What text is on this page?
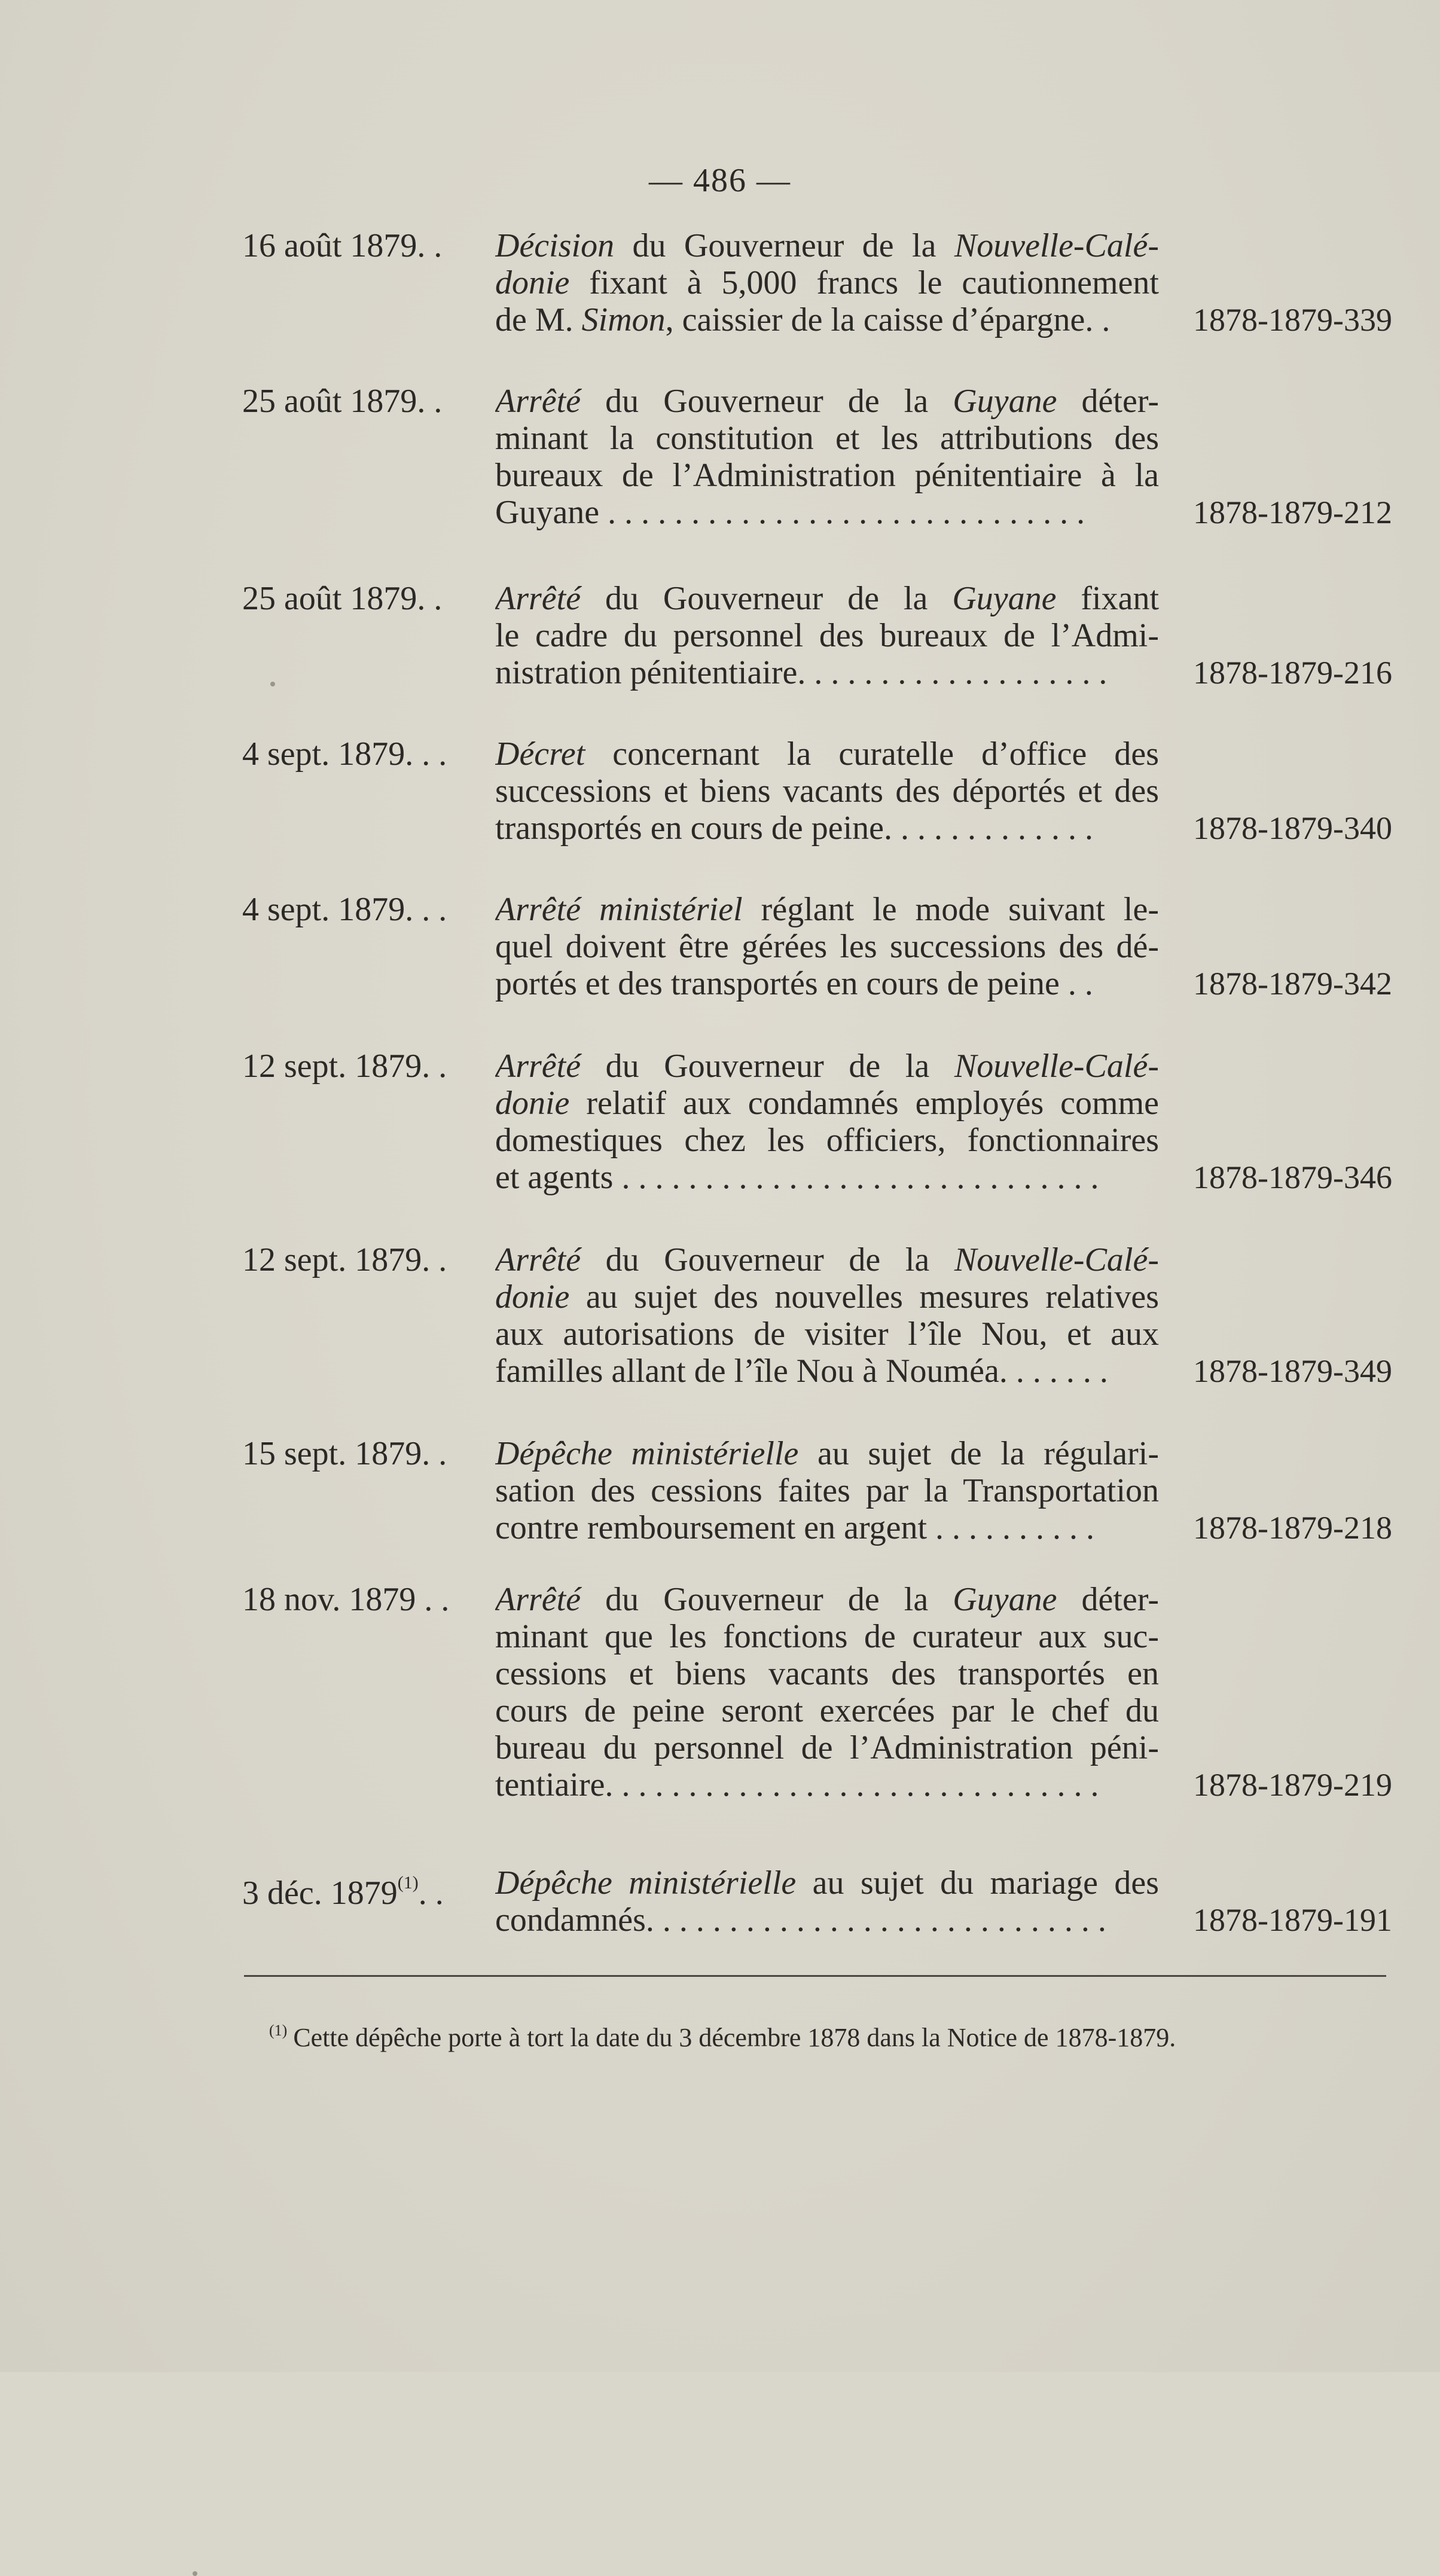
— 486 —
16 août 1879. . Décision du Gouverneur de la Nouvelle-Calé-
donie fixant à 5,000 francs le cautionnement
de M. Simon, caissier de la caisse d’épargne. .	1878-1879-339
25 août 1879. . Arrêté du Gouverneur de la Guyane déter-
minant la constitution et les attributions des
bureaux de l’Administration pénitentiaire à la
Guyane . . . . . . . . . . . . . . . . . . . . . . . . . . . . .	1878-1879-212
25 août 1879. . Arrêté du Gouverneur de la Guyane fixant
le cadre du personnel des bureaux de l’Admi-
nistration pénitentiaire. . . . . . . . . . . . . . . . . . .	1878-1879-216
4 sept. 1879. . . Décret concernant la curatelle d’office des
successions et biens vacants des déportés et des
transportés en cours de peine. . . . . . . . . . . . .	1878-1879-340
4 sept. 1879. . . Arrêté ministériel réglant le mode suivant le-
quel doivent être gérées les successions des dé-
portés et des transportés en cours de peine . .	1878-1879-342
12 sept. 1879. . Arrêté du Gouverneur de la Nouvelle-Calé-
donie relatif aux condamnés employés comme
domestiques chez les officiers, fonctionnaires
et agents . . . . . . . . . . . . . . . . . . . . . . . . . . . . .	1878-1879-346
12 sept. 1879. . Arrêté du Gouverneur de la Nouvelle-Calé-
donie au sujet des nouvelles mesures relatives
aux autorisations de visiter l’île Nou, et aux
familles allant de l’île Nou à Nouméa. . . . . . .	1878-1879-349
15 sept. 1879. . Dépêche ministérielle au sujet de la régulari-
sation des cessions faites par la Transportation
contre remboursement en argent . . . . . . . . . .	1878-1879-218
18 nov. 1879 . . Arrêté du Gouverneur de la Guyane déter-
minant que les fonctions de curateur aux suc-
cessions et biens vacants des transportés en
cours de peine seront exercées par le chef du
bureau du personnel de l’Administration péni-
tentiaire. . . . . . . . . . . . . . . . . . . . . . . . . . . . . .	1878-1879-219
3 déc. 1879$^{(1)}$. . Dépêche ministérielle au sujet du mariage des
condamnés. . . . . . . . . . . . . . . . . . . . . . . . . . . .	1878-1879-191
$^{(1)}$ Cette dépêche porte à tort la date du 3 décembre 1878 dans la Notice de 1878-1879.
